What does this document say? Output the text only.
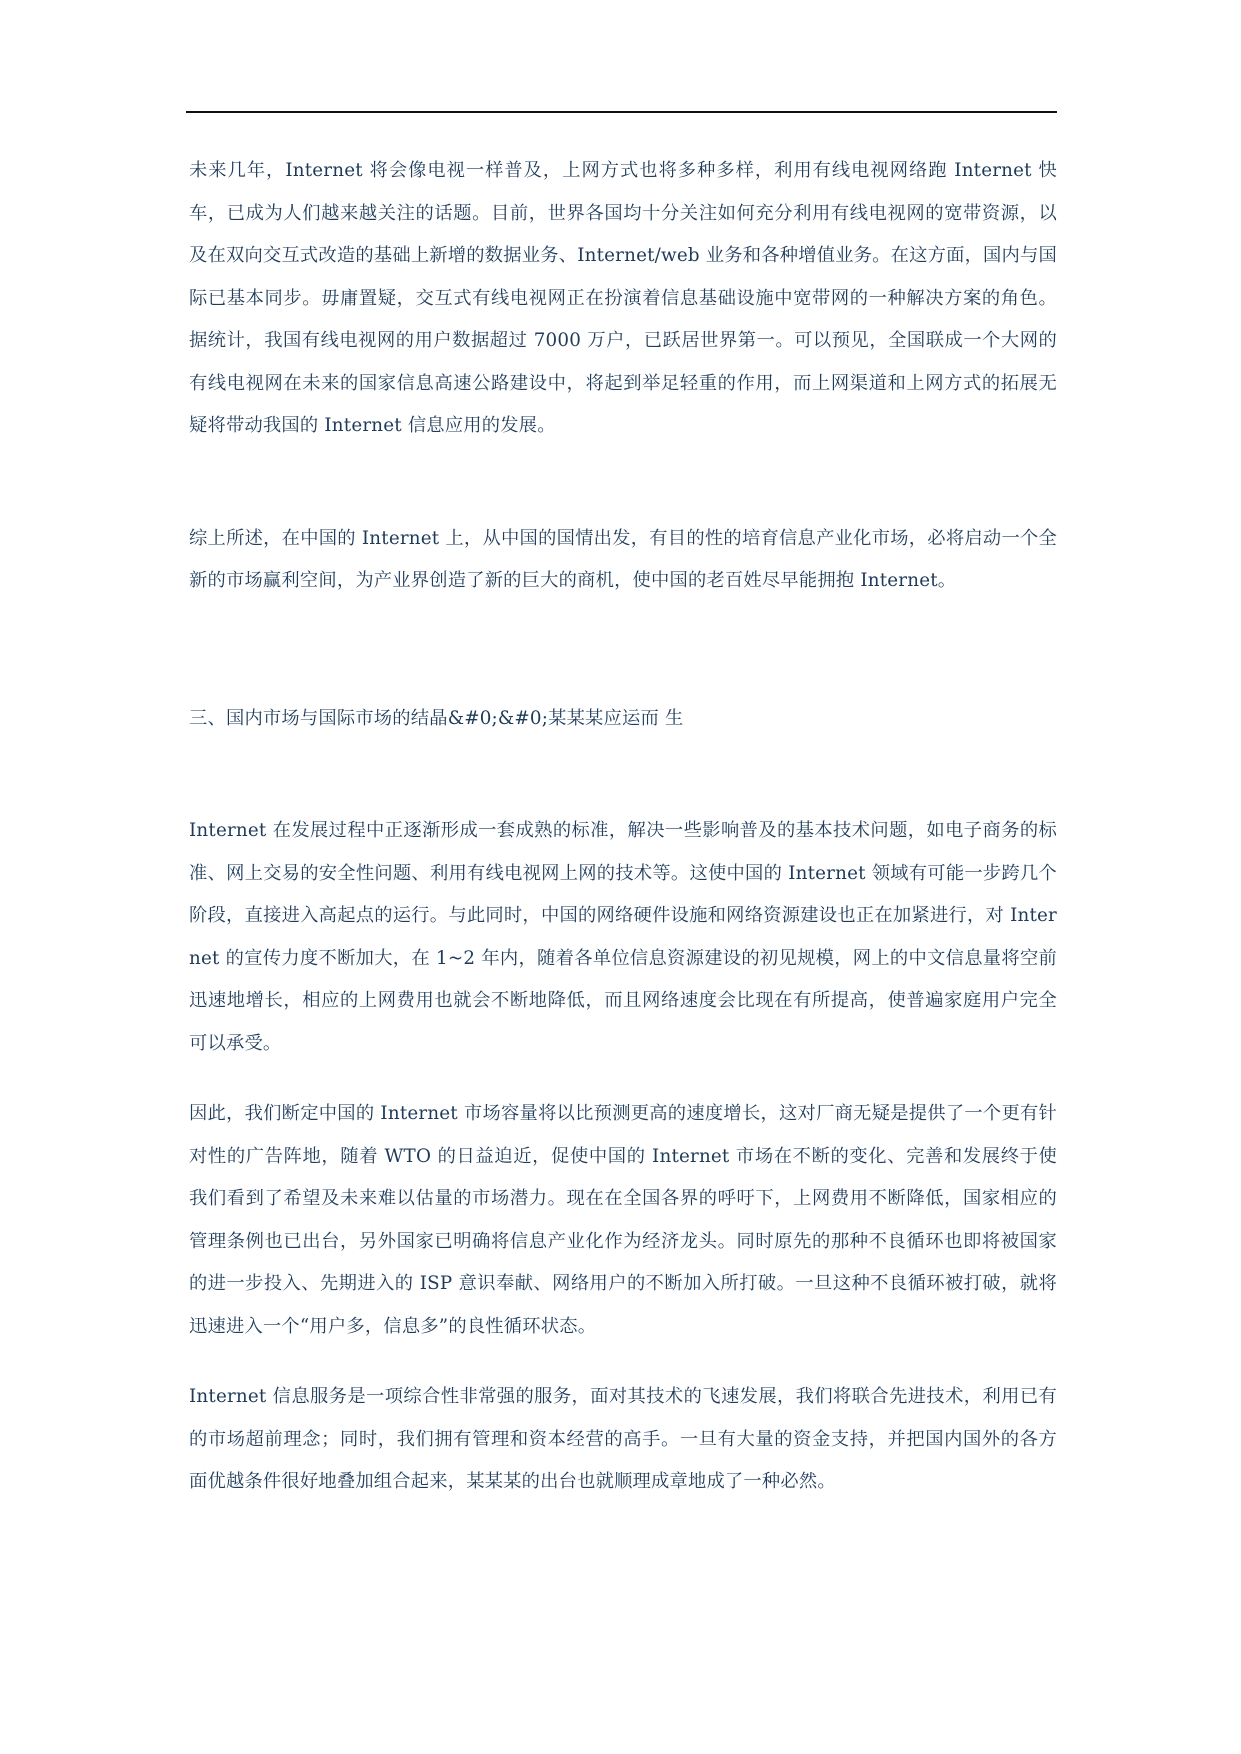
未来几年，Internet 将会像电视一样普及，上网方式也将多种多样，利用有线电视网络跑 Internet 快车，已成为人们越来越关注的话题。目前，世界各国均十分关注如何充分利用有线电视网的宽带资源，以及在双向交互式改造的基础上新增的数据业务、Internet/web 业务和各种增值业务。在这方面，国内与国际已基本同步。毋庸置疑，交互式有线电视网正在扮演着信息基础设施中宽带网的一种解决方案的角色。据统计，我国有线电视网的用户数据超过 7000 万户，已跃居世界第一。可以预见，全国联成一个大网的有线电视网在未来的国家信息高速公路建设中，将起到举足轻重的作用，而上网渠道和上网方式的拓展无疑将带动我国的 Internet 信息应用的发展。

综上所述，在中国的 Internet 上，从中国的国情出发，有目的性的培育信息产业化市场，必将启动一个全新的市场赢利空间，为产业界创造了新的巨大的商机，使中国的老百姓尽早能拥抱 Internet。

三、国内市场与国际市场的结晶&#0;&#0;某某某应运而 生

Internet 在发展过程中正逐渐形成一套成熟的标准，解决一些影响普及的基本技术问题，如电子商务的标准、网上交易的安全性问题、利用有线电视网上网的技术等。这使中国的 Internet 领域有可能一步跨几个阶段，直接进入高起点的运行。与此同时，中国的网络硬件设施和网络资源建设也正在加紧进行，对 Internet 的宣传力度不断加大，在 1~2 年内，随着各单位信息资源建设的初见规模，网上的中文信息量将空前迅速地增长，相应的上网费用也就会不断地降低，而且网络速度会比现在有所提高，使普遍家庭用户完全可以承受。

因此，我们断定中国的 Internet 市场容量将以比预测更高的速度增长，这对厂商无疑是提供了一个更有针对性的广告阵地，随着 WTO 的日益迫近，促使中国的 Internet 市场在不断的变化、完善和发展终于使我们看到了希望及未来难以估量的市场潜力。现在在全国各界的呼吁下，上网费用不断降低，国家相应的管理条例也已出台，另外国家已明确将信息产业化作为经济龙头。同时原先的那种不良循环也即将被国家的进一步投入、先期进入的 ISP 意识奉献、网络用户的不断加入所打破。一旦这种不良循环被打破，就将迅速进入一个“用户多，信息多”的良性循环状态。

Internet 信息服务是一项综合性非常强的服务，面对其技术的飞速发展，我们将联合先进技术，利用已有的市场超前理念；同时，我们拥有管理和资本经营的高手。一旦有大量的资金支持，并把国内国外的各方面优越条件很好地叠加组合起来，某某某的出台也就顺理成章地成了一种必然。
